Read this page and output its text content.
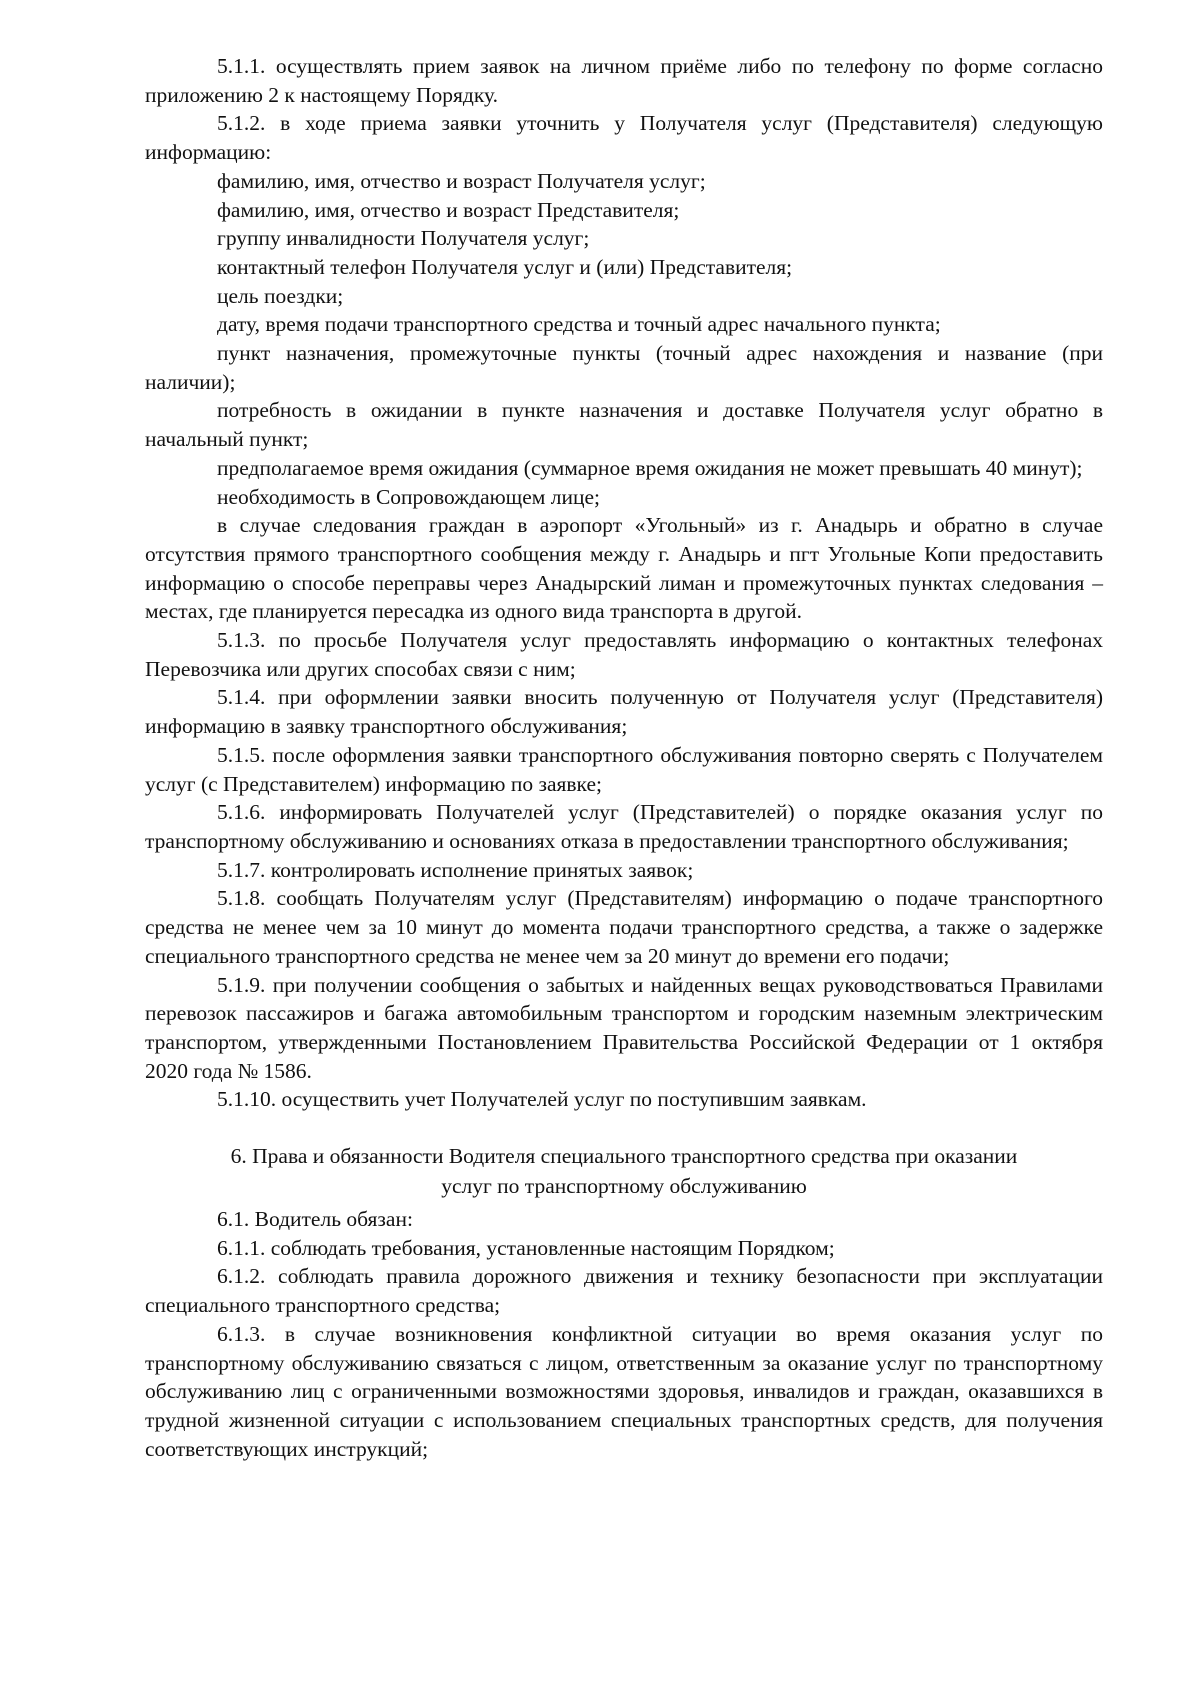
5.1.1. осуществлять прием заявок на личном приёме либо по телефону по форме согласно приложению 2 к настоящему Порядку.

5.1.2. в ходе приема заявки уточнить у Получателя услуг (Представителя) следующую информацию:

фамилию, имя, отчество и возраст Получателя услуг;

фамилию, имя, отчество и возраст Представителя;

группу инвалидности Получателя услуг;

контактный телефон Получателя услуг и (или) Представителя;

цель поездки;

дату, время подачи транспортного средства и точный адрес начального пункта;

пункт назначения, промежуточные пункты (точный адрес нахождения и название (при наличии);

потребность в ожидании в пункте назначения и доставке Получателя услуг обратно в начальный пункт;

предполагаемое время ожидания (суммарное время ожидания не может превышать 40 минут);

необходимость в Сопровождающем лице;

в случае следования граждан в аэропорт «Угольный» из г. Анадырь и обратно в случае отсутствия прямого транспортного сообщения между г. Анадырь и пгт Угольные Копи предоставить информацию о способе переправы через Анадырский лиман и промежуточных пунктах следования – местах, где планируется пересадка из одного вида транспорта в другой.

5.1.3. по просьбе Получателя услуг предоставлять информацию о контактных телефонах Перевозчика или других способах связи с ним;

5.1.4. при оформлении заявки вносить полученную от Получателя услуг (Представителя) информацию в заявку транспортного обслуживания;

5.1.5. после оформления заявки транспортного обслуживания повторно сверять с Получателем услуг (с Представителем) информацию по заявке;

5.1.6. информировать Получателей услуг (Представителей) о порядке оказания услуг по транспортному обслуживанию и основаниях отказа в предоставлении транспортного обслуживания;

5.1.7. контролировать исполнение принятых заявок;

5.1.8. сообщать Получателям услуг (Представителям) информацию о подаче транспортного средства не менее чем за 10 минут до момента подачи транспортного средства, а также о задержке специального транспортного средства не менее чем за 20 минут до времени его подачи;

5.1.9. при получении сообщения о забытых и найденных вещах руководствоваться Правилами перевозок пассажиров и багажа автомобильным транспортом и городским наземным электрическим транспортом, утвержденными Постановлением Правительства Российской Федерации от 1 октября 2020 года № 1586.

5.1.10. осуществить учет Получателей услуг по поступившим заявкам.

6. Права и обязанности Водителя специального транспортного средства при оказании
услуг по транспортному обслуживанию

6.1. Водитель обязан:

6.1.1. соблюдать требования, установленные настоящим Порядком;

6.1.2. соблюдать правила дорожного движения и технику безопасности при эксплуатации специального транспортного средства;

6.1.3. в случае возникновения конфликтной ситуации во время оказания услуг по транспортному обслуживанию связаться с лицом, ответственным за оказание услуг по транспортному обслуживанию лиц с ограниченными возможностями здоровья, инвалидов и граждан, оказавшихся в трудной жизненной ситуации с использованием специальных транспортных средств, для получения соответствующих инструкций;
